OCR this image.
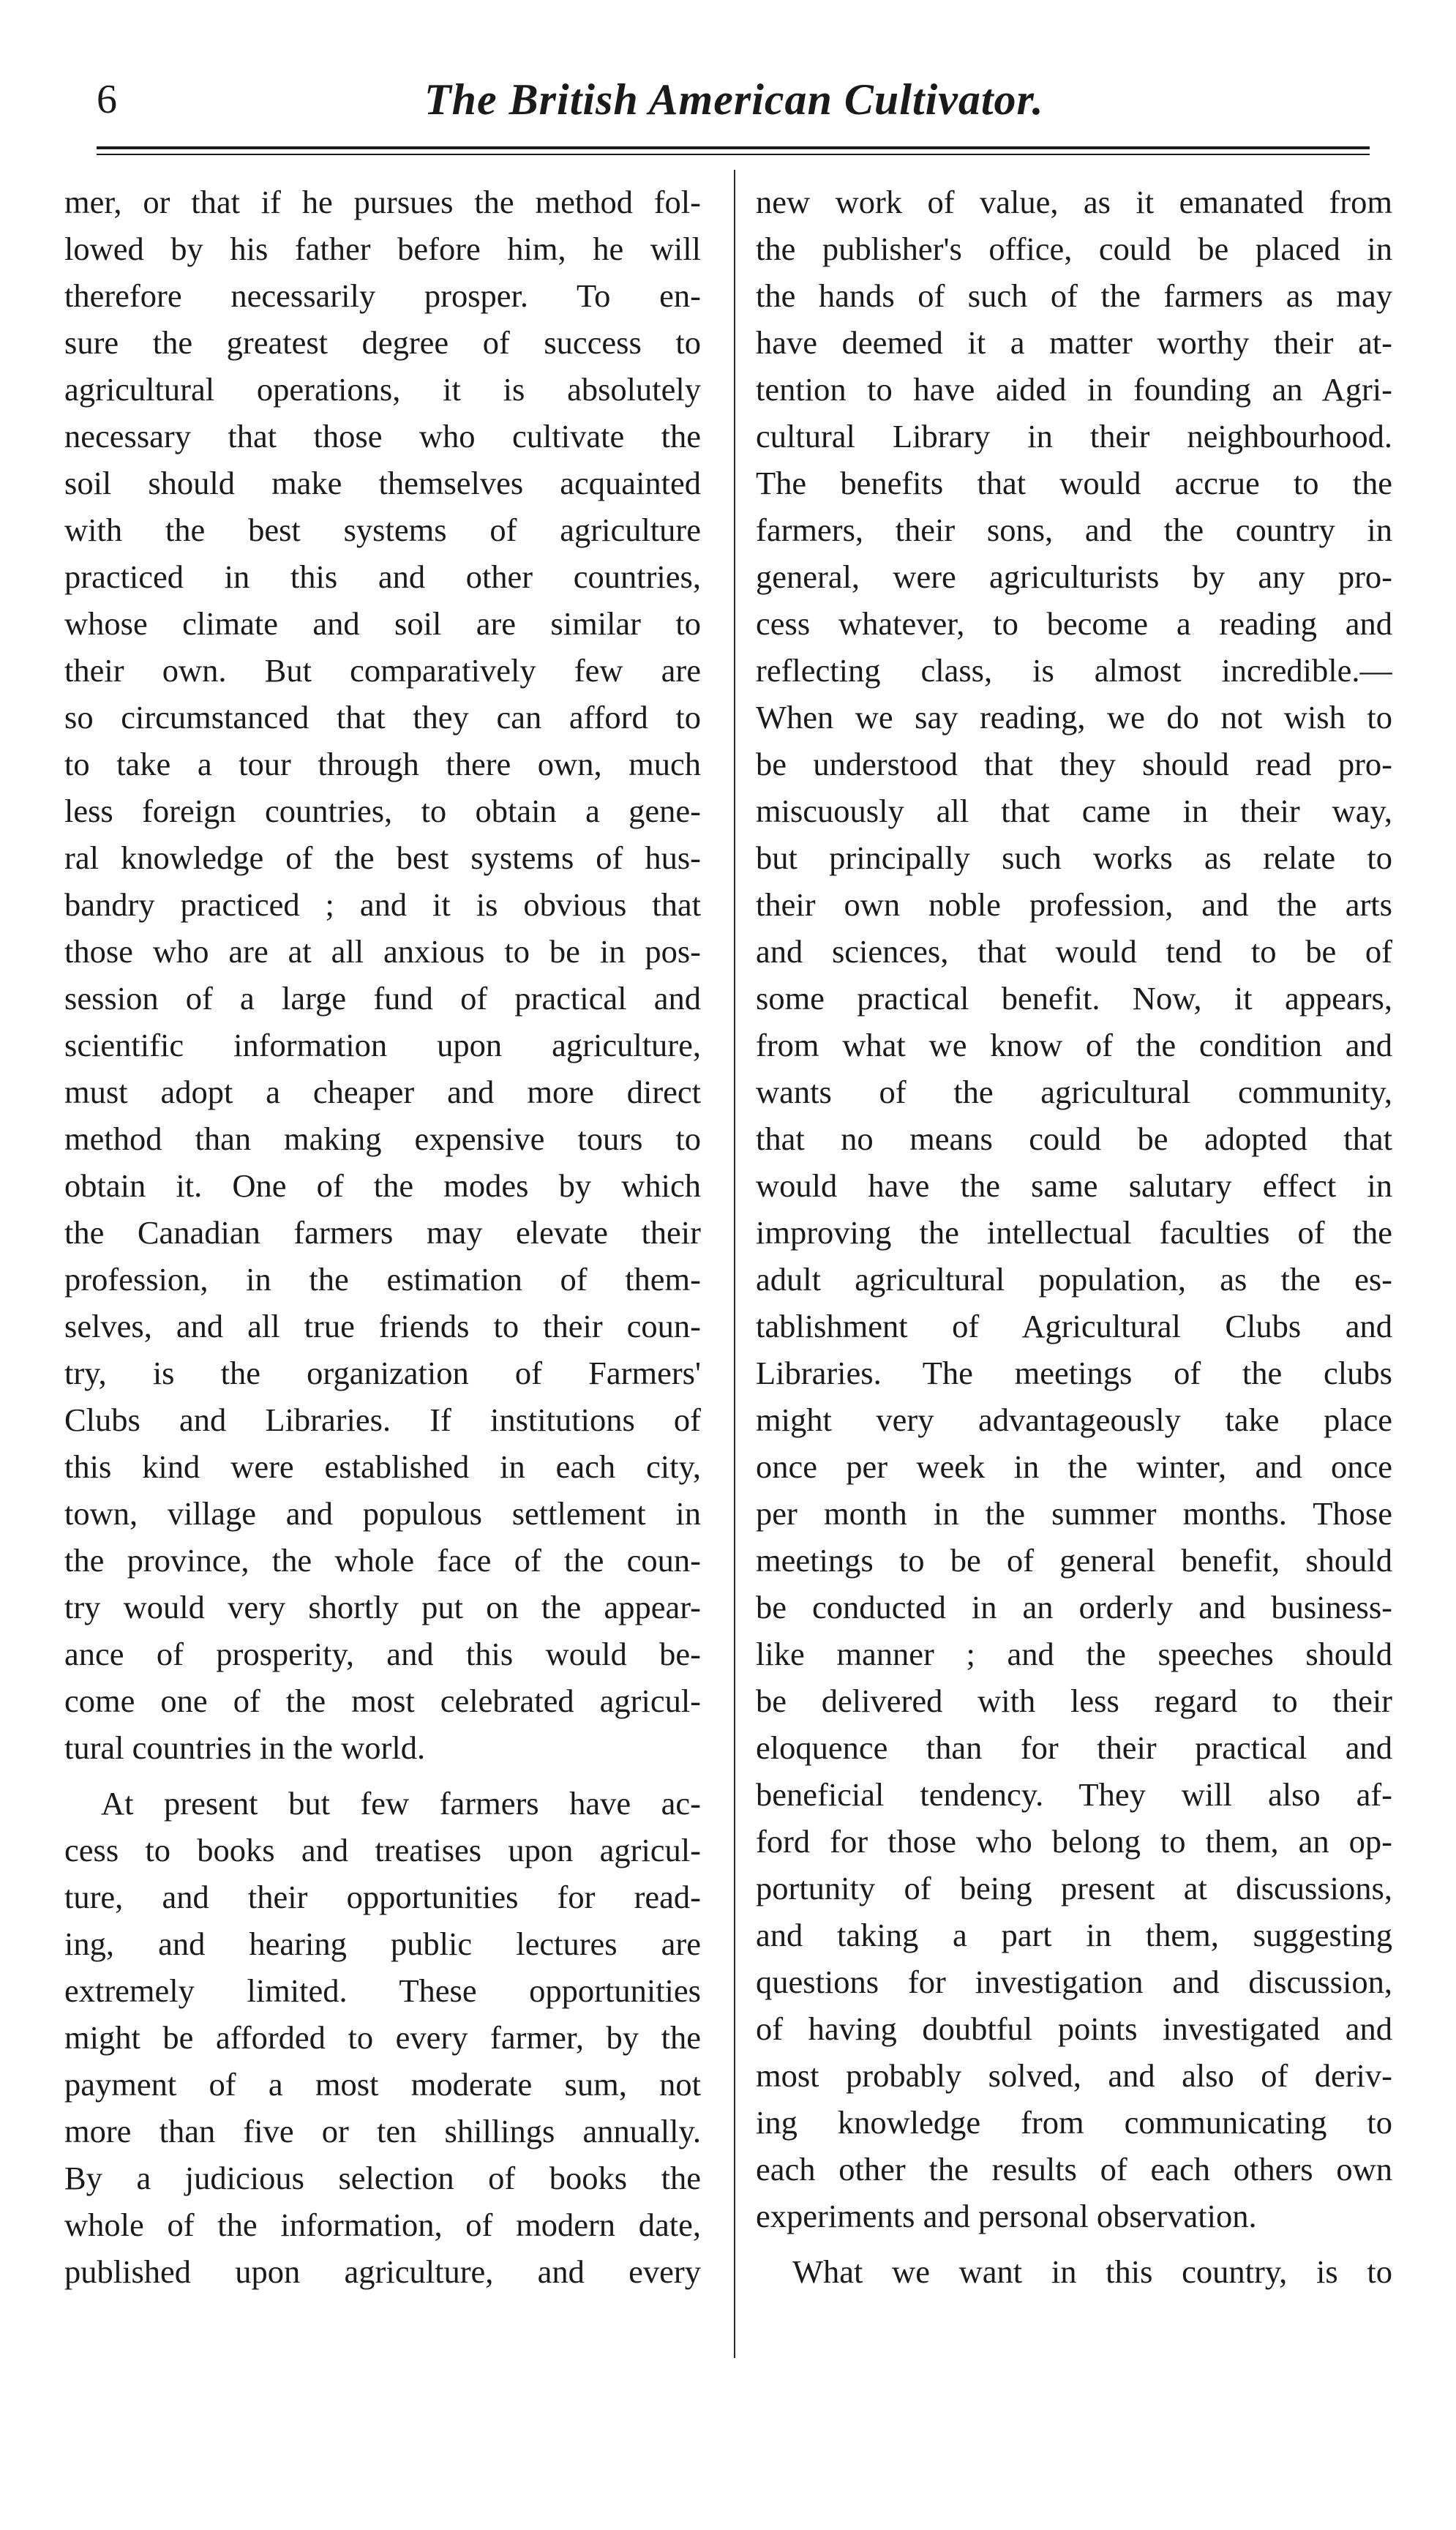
6	The British American Cultivator.
mer, or that if he pursues the method fol-
lowed by his father before him, he will
therefore necessarily prosper. To en-
sure the greatest degree of success to
agricultural operations, it is absolutely
necessary that those who cultivate the
soil should make themselves acquainted
with the best systems of agriculture
practiced in this and other countries,
whose climate and soil are similar to
their own. But comparatively few are
so circumstanced that they can afford to
to take a tour through there own, much
less foreign countries, to obtain a gene-
ral knowledge of the best systems of hus-
bandry practiced ; and it is obvious that
those who are at all anxious to be in pos-
session of a large fund of practical and
scientific information upon agriculture,
must adopt a cheaper and more direct
method than making expensive tours to
obtain it. One of the modes by which
the Canadian farmers may elevate their
profession, in the estimation of them-
selves, and all true friends to their coun-
try, is the organization of Farmers'
Clubs and Libraries. If institutions of
this kind were established in each city,
town, village and populous settlement in
the province, the whole face of the coun-
try would very shortly put on the appear-
ance of prosperity, and this would be-
come one of the most celebrated agricul-
tural countries in the world.
At present but few farmers have ac-
cess to books and treatises upon agricul-
ture, and their opportunities for read-
ing, and hearing public lectures are
extremely limited. These opportunities
might be afforded to every farmer, by the
payment of a most moderate sum, not
more than five or ten shillings annually.
By a judicious selection of books the
whole of the information, of modern date,
published upon agriculture, and every
new work of value, as it emanated from
the publisher's office, could be placed in
the hands of such of the farmers as may
have deemed it a matter worthy their at-
tention to have aided in founding an Agri-
cultural Library in their neighbourhood.
The benefits that would accrue to the
farmers, their sons, and the country in
general, were agriculturists by any pro-
cess whatever, to become a reading and
reflecting class, is almost incredible.—
When we say reading, we do not wish to
be understood that they should read pro-
miscuously all that came in their way,
but principally such works as relate to
their own noble profession, and the arts
and sciences, that would tend to be of
some practical benefit. Now, it appears,
from what we know of the condition and
wants of the agricultural community,
that no means could be adopted that
would have the same salutary effect in
improving the intellectual faculties of the
adult agricultural population, as the es-
tablishment of Agricultural Clubs and
Libraries. The meetings of the clubs
might very advantageously take place
once per week in the winter, and once
per month in the summer months. Those
meetings to be of general benefit, should
be conducted in an orderly and business-
like manner ; and the speeches should
be delivered with less regard to their
eloquence than for their practical and
beneficial tendency. They will also af-
ford for those who belong to them, an op-
portunity of being present at discussions,
and taking a part in them, suggesting
questions for investigation and discussion,
of having doubtful points investigated and
most probably solved, and also of deriv-
ing knowledge from communicating to
each other the results of each others own
experiments and personal observation.
What we want in this country, is to
